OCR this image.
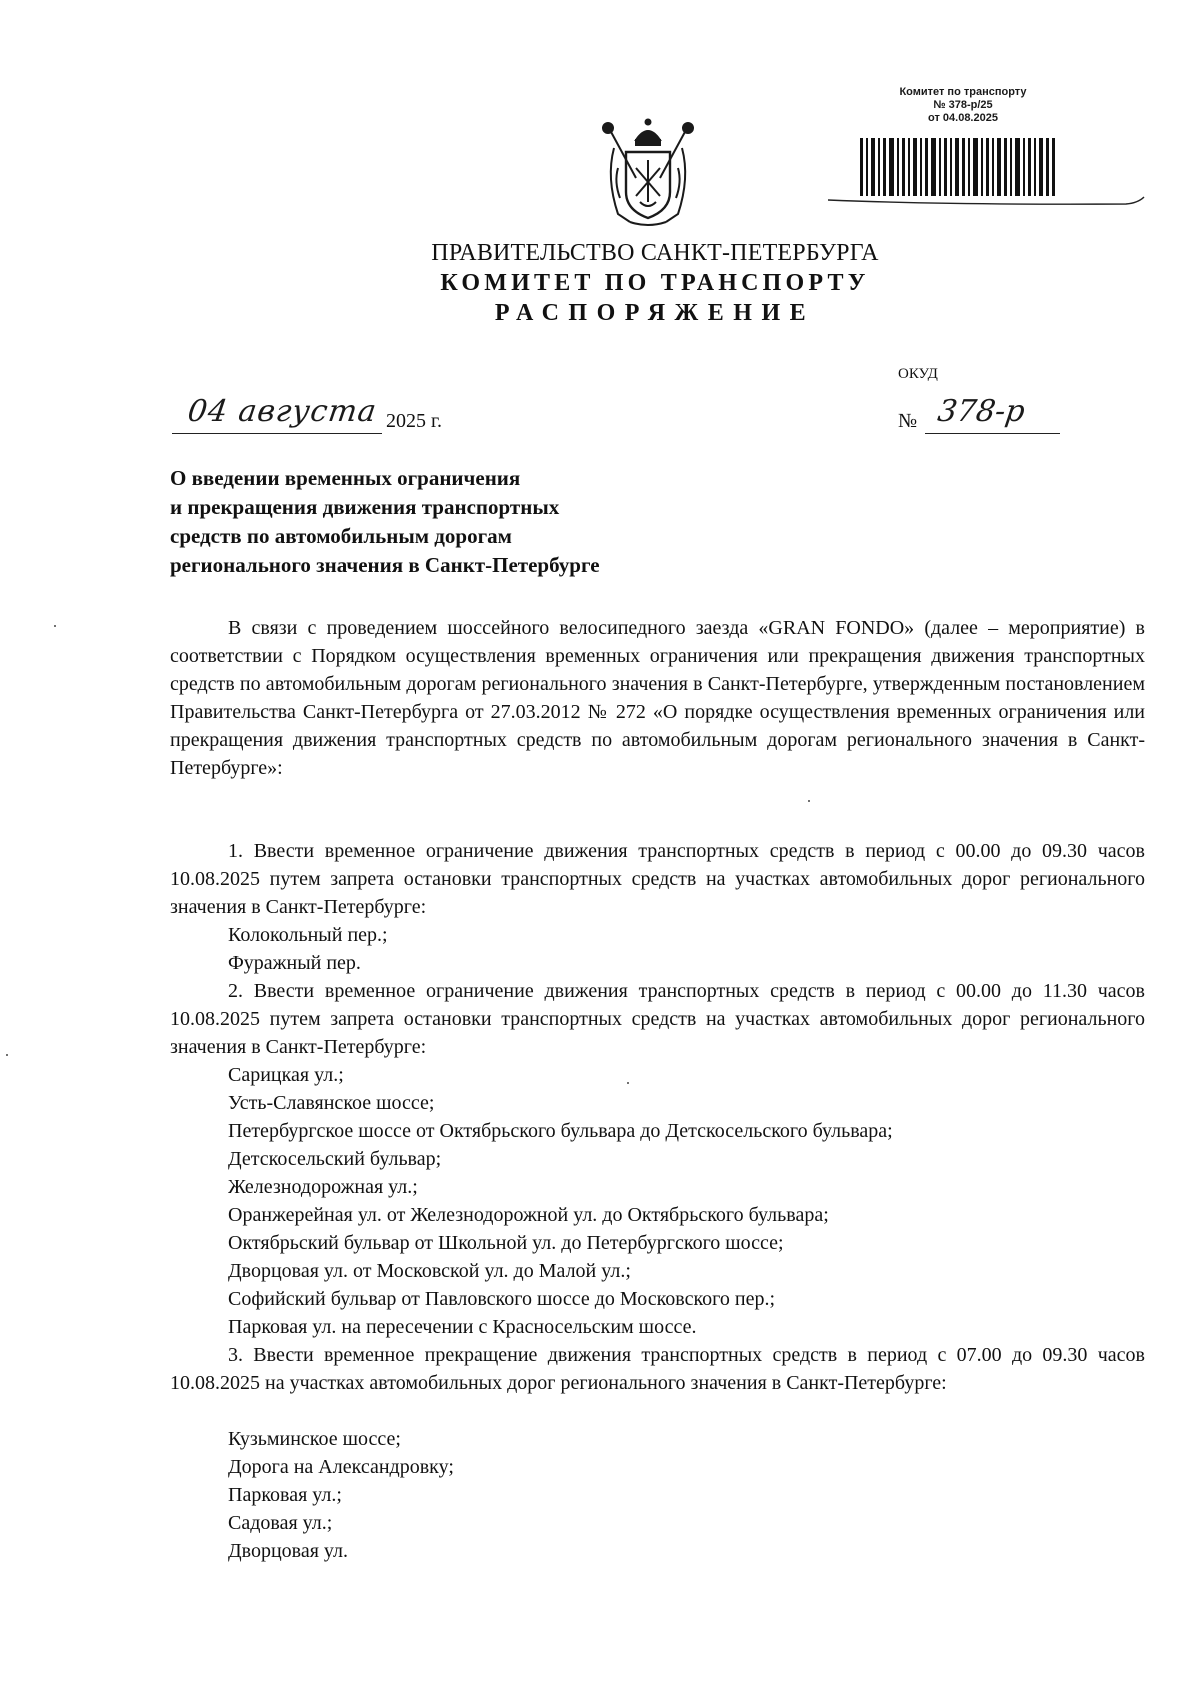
Комитет по транспорту
№ 378-р/25
от 04.08.2025
ПРАВИТЕЛЬСТВО САНКТ-ПЕТЕРБУРГА
КОМИТЕТ ПО ТРАНСПОРТУ
РАСПОРЯЖЕНИЕ
ОКУД
04 августа 2025 г.	№ 378-р
О введении временных ограничения
и прекращения движения транспортных
средств по автомобильным дорогам
регионального значения в Санкт-Петербурге
В связи с проведением шоссейного велосипедного заезда «GRAN FONDO» (далее – мероприятие) в соответствии с Порядком осуществления временных ограничения или прекращения движения транспортных средств по автомобильным дорогам регионального значения в Санкт-Петербурге, утвержденным постановлением Правительства Санкт-Петербурга от 27.03.2012 № 272 «О порядке осуществления временных ограничения или прекращения движения транспортных средств по автомобильным дорогам регионального значения в Санкт-Петербурге»:
1. Ввести временное ограничение движения транспортных средств в период с 00.00 до 09.30 часов 10.08.2025 путем запрета остановки транспортных средств на участках автомобильных дорог регионального значения в Санкт-Петербурге:
Колокольный пер.;
Фуражный пер.
2. Ввести временное ограничение движения транспортных средств в период с 00.00 до 11.30 часов 10.08.2025 путем запрета остановки транспортных средств на участках автомобильных дорог регионального значения в Санкт-Петербурге:
Сарицкая ул.;
Усть-Славянское шоссе;
Петербургское шоссе от Октябрьского бульвара до Детскосельского бульвара;
Детскосельский бульвар;
Железнодорожная ул.;
Оранжерейная ул. от Железнодорожной ул. до Октябрьского бульвара;
Октябрьский бульвар от Школьной ул. до Петербургского шоссе;
Дворцовая ул. от Московской ул. до Малой ул.;
Софийский бульвар от Павловского шоссе до Московского пер.;
Парковая ул. на пересечении с Красносельским шоссе.
3. Ввести временное прекращение движения транспортных средств в период с 07.00 до 09.30 часов 10.08.2025 на участках автомобильных дорог регионального значения в Санкт-Петербурге:
Кузьминское шоссе;
Дорога на Александровку;
Парковая ул.;
Садовая ул.;
Дворцовая ул.
